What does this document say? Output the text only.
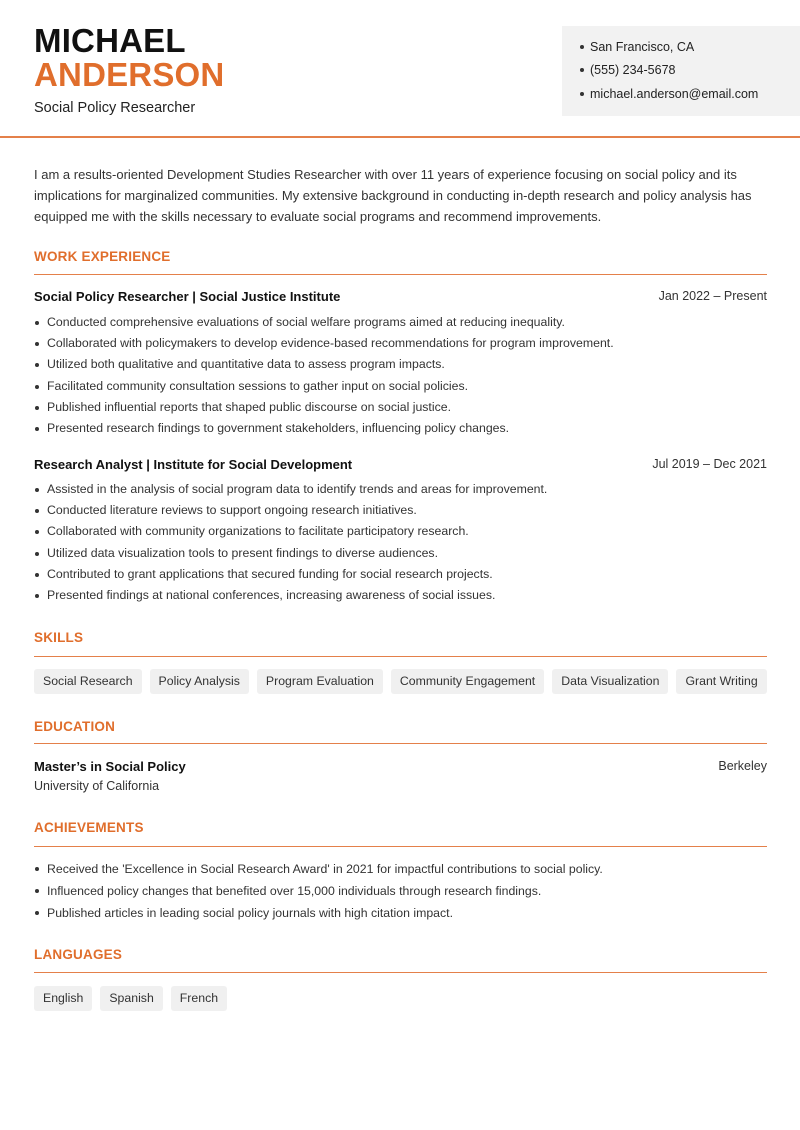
MICHAEL
ANDERSON
Social Policy Researcher
San Francisco, CA
(555) 234-5678
michael.anderson@email.com
I am a results-oriented Development Studies Researcher with over 11 years of experience focusing on social policy and its implications for marginalized communities. My extensive background in conducting in-depth research and policy analysis has equipped me with the skills necessary to evaluate social programs and recommend improvements.
WORK EXPERIENCE
Social Policy Researcher | Social Justice Institute	Jan 2022 – Present
Conducted comprehensive evaluations of social welfare programs aimed at reducing inequality.
Collaborated with policymakers to develop evidence-based recommendations for program improvement.
Utilized both qualitative and quantitative data to assess program impacts.
Facilitated community consultation sessions to gather input on social policies.
Published influential reports that shaped public discourse on social justice.
Presented research findings to government stakeholders, influencing policy changes.
Research Analyst | Institute for Social Development	Jul 2019 – Dec 2021
Assisted in the analysis of social program data to identify trends and areas for improvement.
Conducted literature reviews to support ongoing research initiatives.
Collaborated with community organizations to facilitate participatory research.
Utilized data visualization tools to present findings to diverse audiences.
Contributed to grant applications that secured funding for social research projects.
Presented findings at national conferences, increasing awareness of social issues.
SKILLS
Social Research	Policy Analysis	Program Evaluation	Community Engagement	Data Visualization	Grant Writing
EDUCATION
Master’s in Social Policy	Berkeley
University of California
ACHIEVEMENTS
Received the 'Excellence in Social Research Award' in 2021 for impactful contributions to social policy.
Influenced policy changes that benefited over 15,000 individuals through research findings.
Published articles in leading social policy journals with high citation impact.
LANGUAGES
English	Spanish	French
